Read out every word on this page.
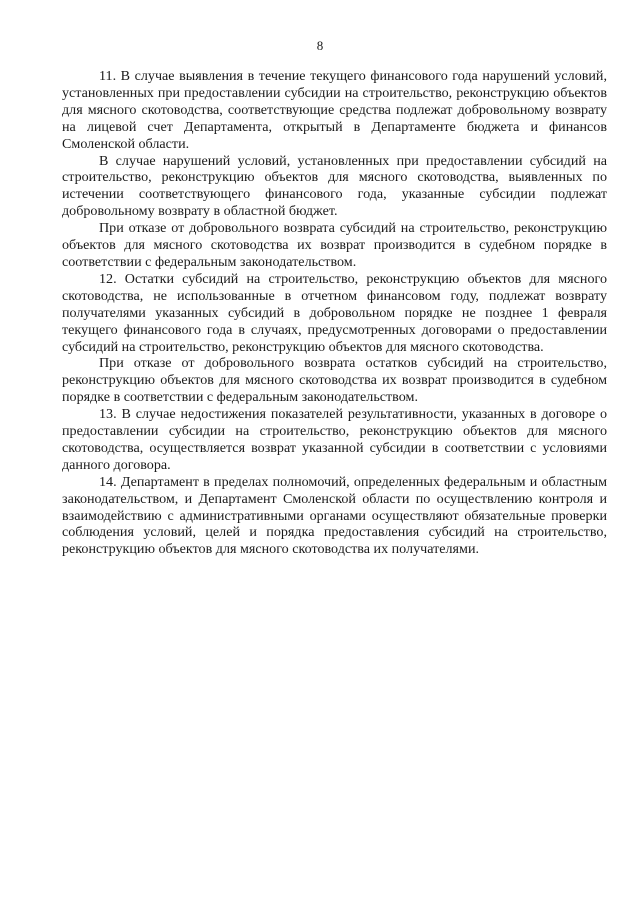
8

11. В случае выявления в течение текущего финансового года нарушений условий, установленных при предоставлении субсидии на строительство, реконструкцию объектов для мясного скотоводства, соответствующие средства подлежат добровольному возврату на лицевой счет Департамента, открытый в Департаменте бюджета и финансов Смоленской области.

В случае нарушений условий, установленных при предоставлении субсидий на строительство, реконструкцию объектов для мясного скотоводства, выявленных по истечении соответствующего финансового года, указанные субсидии подлежат добровольному возврату в областной бюджет.

При отказе от добровольного возврата субсидий на строительство, реконструкцию объектов для мясного скотоводства их возврат производится в судебном порядке в соответствии с федеральным законодательством.

12. Остатки субсидий на строительство, реконструкцию объектов для мясного скотоводства, не использованные в отчетном финансовом году, подлежат возврату получателями указанных субсидий в добровольном порядке не позднее 1 февраля текущего финансового года в случаях, предусмотренных договорами о предоставлении субсидий на строительство, реконструкцию объектов для мясного скотоводства.

При отказе от добровольного возврата остатков субсидий на строительство, реконструкцию объектов для мясного скотоводства их возврат производится в судебном порядке в соответствии с федеральным законодательством.

13. В случае недостижения показателей результативности, указанных в договоре о предоставлении субсидии на строительство, реконструкцию объектов для мясного скотоводства, осуществляется возврат указанной субсидии в соответствии с условиями данного договора.

14. Департамент в пределах полномочий, определенных федеральным и областным законодательством, и Департамент Смоленской области по осуществлению контроля и взаимодействию с административными органами осуществляют обязательные проверки соблюдения условий, целей и порядка предоставления субсидий на строительство, реконструкцию объектов для мясного скотоводства их получателями.
